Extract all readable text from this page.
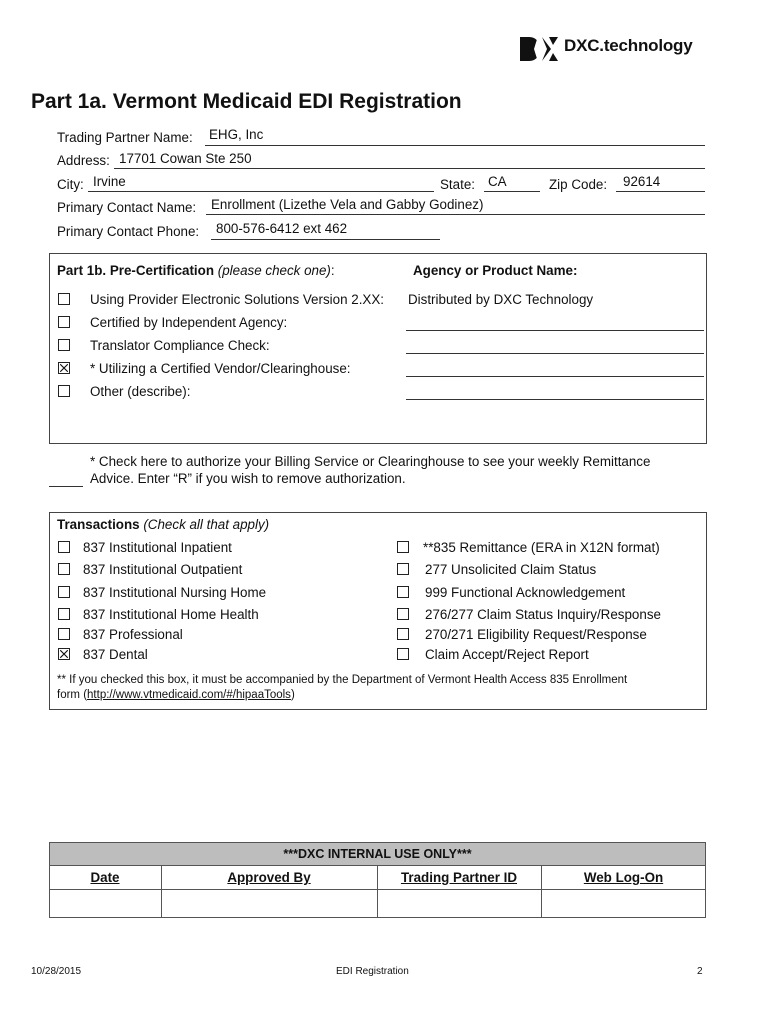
DXC.technology
Part 1a. Vermont Medicaid EDI Registration
Trading Partner Name: EHG, Inc
Address: 17701 Cowan Ste 250
City: Irvine	State: CA	Zip Code: 92614
Primary Contact Name: Enrollment (Lizethe Vela and Gabby Godinez)
Primary Contact Phone: 800-576-6412 ext 462
Part 1b. Pre-Certification (please check one):	Agency or Product Name:
Using Provider Electronic Solutions Version 2.XX: Distributed by DXC Technology
Certified by Independent Agency:
Translator Compliance Check:
* Utilizing a Certified Vendor/Clearinghouse:
Other (describe):
* Check here to authorize your Billing Service or Clearinghouse to see your weekly Remittance
Advice. Enter “R” if you wish to remove authorization.
Transactions (Check all that apply)
837 Institutional Inpatient
837 Institutional Outpatient
837 Institutional Nursing Home
837 Institutional Home Health
837 Professional
837 Dental
**835 Remittance (ERA in X12N format)
277 Unsolicited Claim Status
999 Functional Acknowledgement
276/277 Claim Status Inquiry/Response
270/271 Eligibility Request/Response
Claim Accept/Reject Report
** If you checked this box, it must be accompanied by the Department of Vermont Health Access 835 Enrollment
form (http://www.vtmedicaid.com/#/hipaaTools)
***DXC INTERNAL USE ONLY***
Date	Approved By	Trading Partner ID	Web Log-On
10/28/2015	EDI Registration	2
